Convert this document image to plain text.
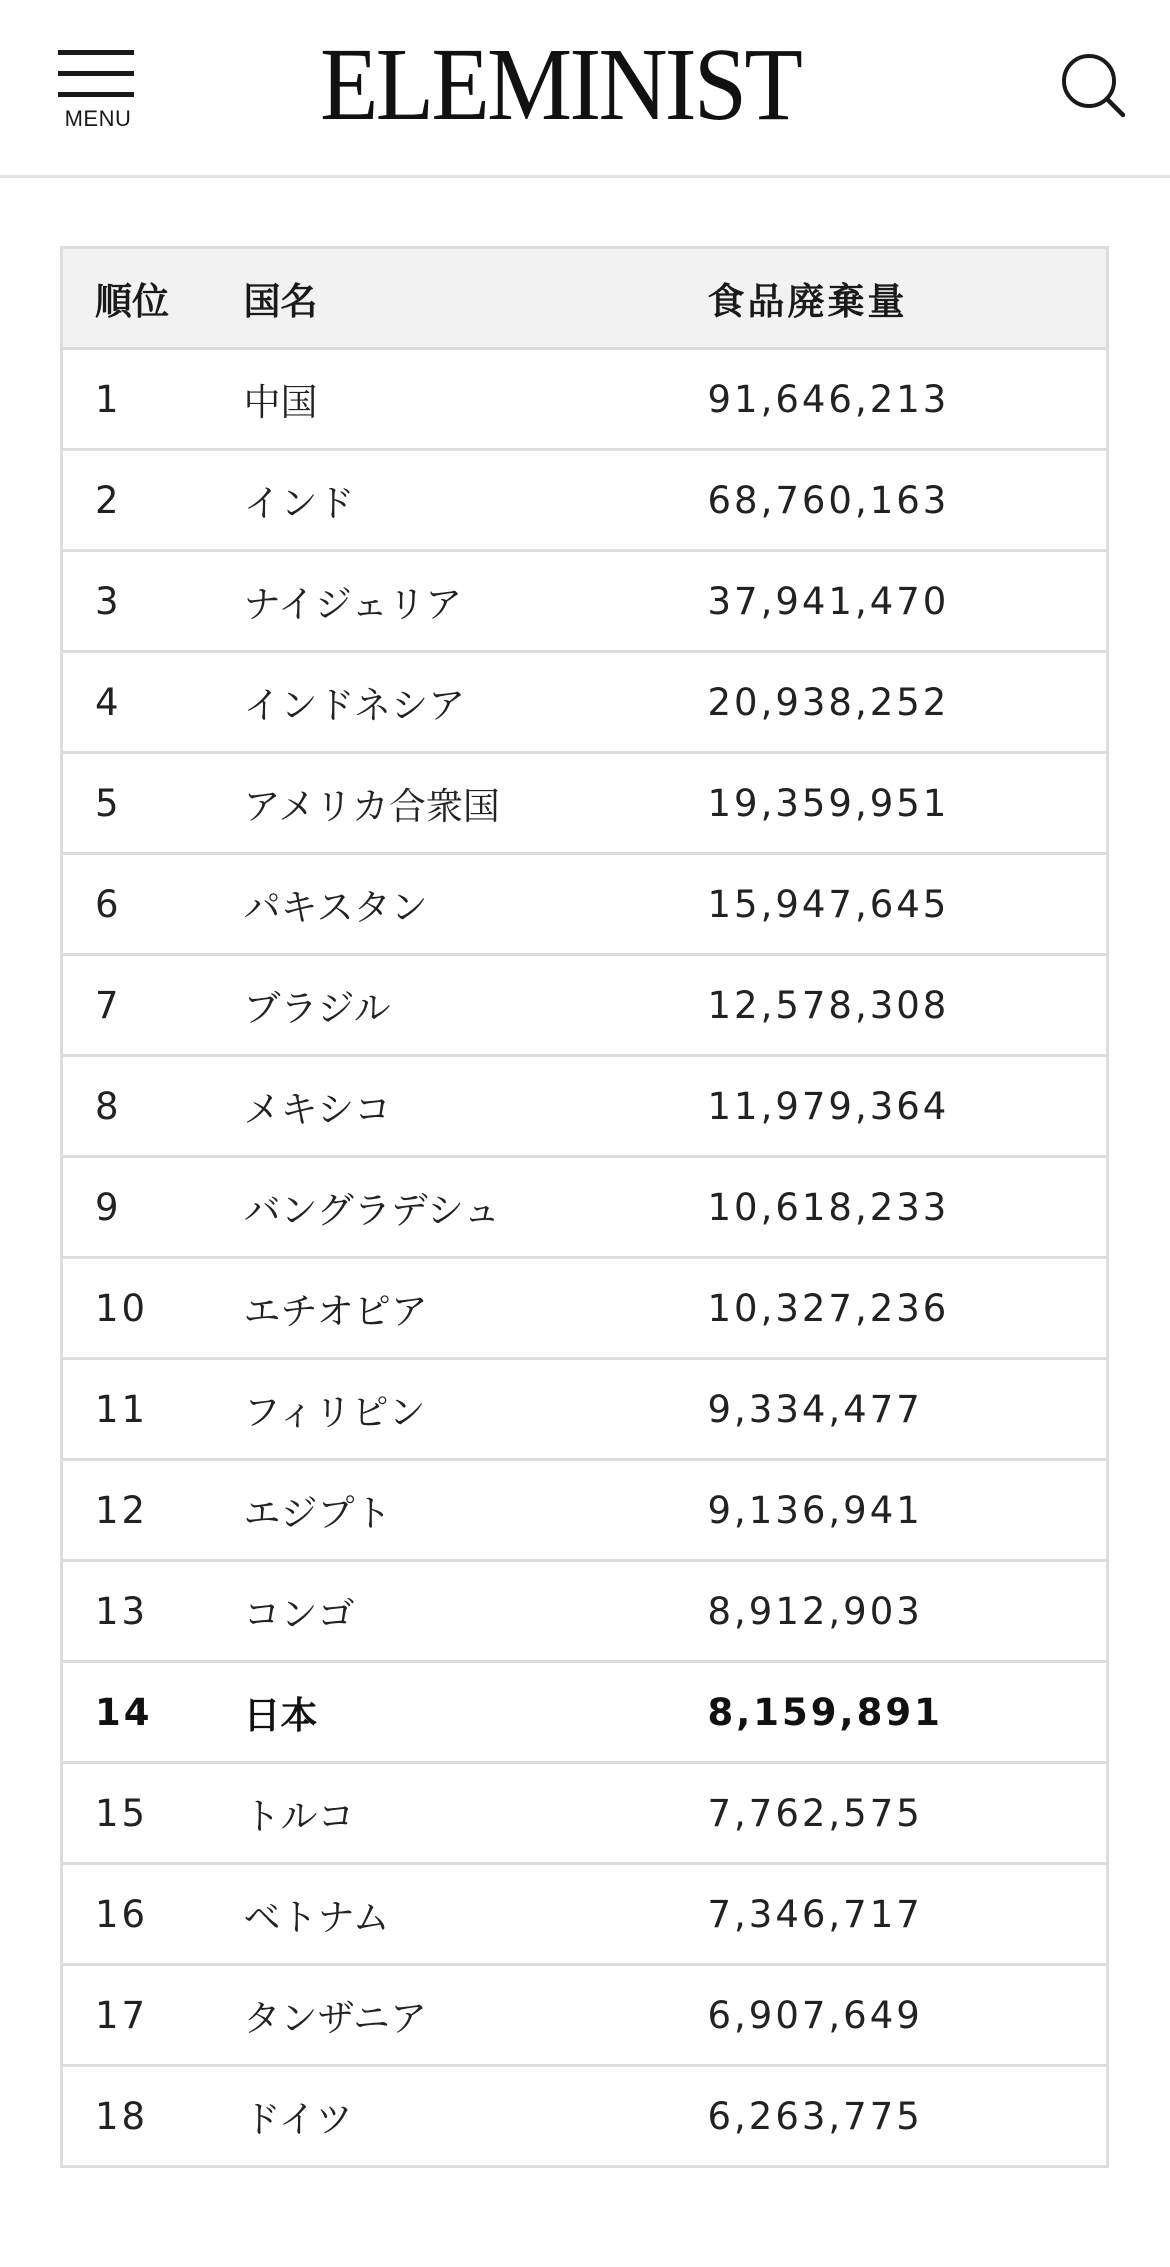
MENU ELEMINIST
順位	国名	食品廃棄量
1	中国	91,646,213
2	インド	68,760,163
3	ナイジェリア	37,941,470
4	インドネシア	20,938,252
5	アメリカ合衆国	19,359,951
6	パキスタン	15,947,645
7	ブラジル	12,578,308
8	メキシコ	11,979,364
9	バングラデシュ	10,618,233
10	エチオピア	10,327,236
11	フィリピン	9,334,477
12	エジプト	9,136,941
13	コンゴ	8,912,903
14	日本	8,159,891
15	トルコ	7,762,575
16	ベトナム	7,346,717
17	タンザニア	6,907,649
18	ドイツ	6,263,775
